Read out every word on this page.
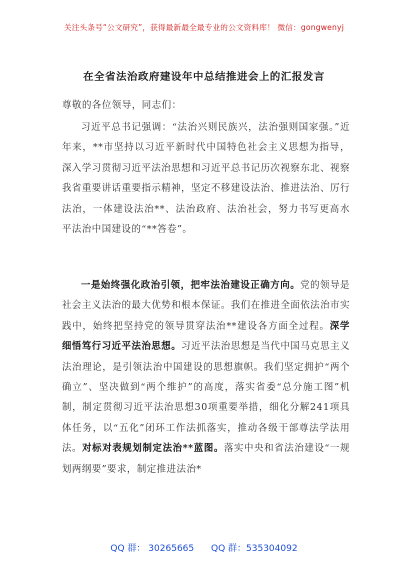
关注头条号“公文研究”，获得最新最全最专业的公文资料库！ 微信：gongwenyj
在全省法治政府建设年中总结推进会上的汇报发言
尊敬的各位领导，同志们：

习近平总书记强调：“法治兴则民族兴，法治强则国家强。”近年来，**市坚持以习近平新时代中国特色社会主义思想为指导，深入学习贯彻习近平法治思想和习近平总书记历次视察东北、视察我省重要讲话重要指示精神，坚定不移建设法治、推进法治、厉行法治，一体建设法治**、法治政府、法治社会，努力书写更高水平法治中国建设的“**答卷”。

一是始终强化政治引领，把牢法治建设正确方向。党的领导是社会主义法治的最大优势和根本保证。我们在推进全面依法治市实践中，始终把坚持党的领导贯穿法治**建设各方面全过程。深学细悟笃行习近平法治思想。习近平法治思想是当代中国马克思主义法治理论，是引领法治中国建设的思想旗帜。我们坚定拥护“两个确立”、坚决做到“两个维护”的高度，落实省委“总分施工图”机制，制定贯彻习近平法治思想30项重要举措，细化分解241项具体任务，以“五化”闭环工作法抓落实，推动各级干部尊法学法用法。对标对表规划制定法治**蓝图。落实中央和省法治建设“一规划两纲要”要求，制定推进法治*

QQ 群： 30265665 QQ 群：535304092
